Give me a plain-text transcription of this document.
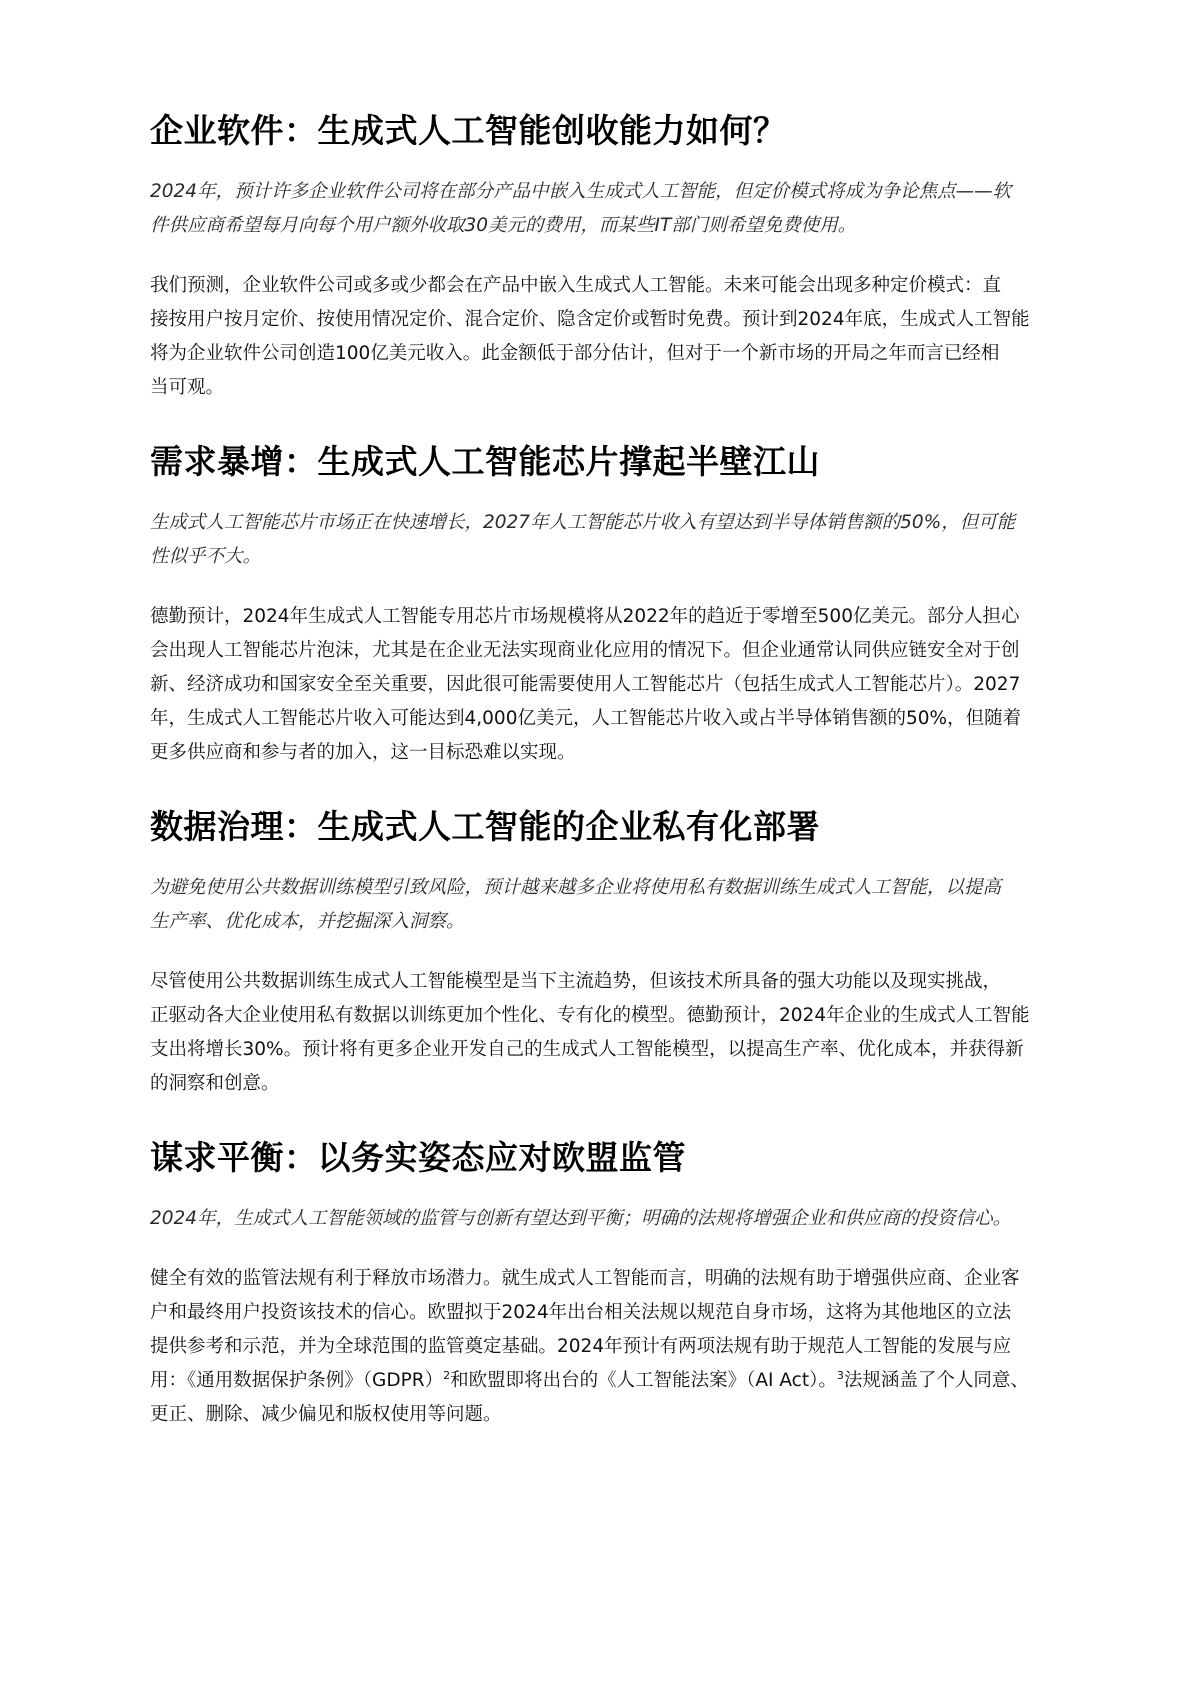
企业软件：生成式人工智能创收能力如何？

2024年，预计许多企业软件公司将在部分产品中嵌入生成式人工智能，但定价模式将成为争论焦点——软
件供应商希望每月向每个用户额外收取30美元的费用，而某些IT部门则希望免费使用。

我们预测，企业软件公司或多或少都会在产品中嵌入生成式人工智能。未来可能会出现多种定价模式：直
接按用户按月定价、按使用情况定价、混合定价、隐含定价或暂时免费。预计到2024年底，生成式人工智能
将为企业软件公司创造100亿美元收入。此金额低于部分估计，但对于一个新市场的开局之年而言已经相
当可观。

需求暴增：生成式人工智能芯片撑起半壁江山

生成式人工智能芯片市场正在快速增长，2027年人工智能芯片收入有望达到半导体销售额的50%，但可能
性似乎不大。

德勤预计，2024年生成式人工智能专用芯片市场规模将从2022年的趋近于零增至500亿美元。部分人担心
会出现人工智能芯片泡沫，尤其是在企业无法实现商业化应用的情况下。但企业通常认同供应链安全对于创
新、经济成功和国家安全至关重要，因此很可能需要使用人工智能芯片（包括生成式人工智能芯片）。2027
年，生成式人工智能芯片收入可能达到4,000亿美元，人工智能芯片收入或占半导体销售额的50%，但随着
更多供应商和参与者的加入，这一目标恐难以实现。

数据治理：生成式人工智能的企业私有化部署

为避免使用公共数据训练模型引致风险，预计越来越多企业将使用私有数据训练生成式人工智能，以提高
生产率、优化成本，并挖掘深入洞察。

尽管使用公共数据训练生成式人工智能模型是当下主流趋势，但该技术所具备的强大功能以及现实挑战，
正驱动各大企业使用私有数据以训练更加个性化、专有化的模型。德勤预计，2024年企业的生成式人工智能
支出将增长30%。预计将有更多企业开发自己的生成式人工智能模型，以提高生产率、优化成本，并获得新
的洞察和创意。

谋求平衡：以务实姿态应对欧盟监管

2024年，生成式人工智能领域的监管与创新有望达到平衡；明确的法规将增强企业和供应商的投资信心。

健全有效的监管法规有利于释放市场潜力。就生成式人工智能而言，明确的法规有助于增强供应商、企业客
户和最终用户投资该技术的信心。欧盟拟于2024年出台相关法规以规范自身市场，这将为其他地区的立法
提供参考和示范，并为全球范围的监管奠定基础。2024年预计有两项法规有助于规范人工智能的发展与应
用：《通用数据保护条例》（GDPR）$^2$和欧盟即将出台的《人工智能法案》（AI Act）。$^3$法规涵盖了个人同意、
更正、删除、减少偏见和版权使用等问题。
